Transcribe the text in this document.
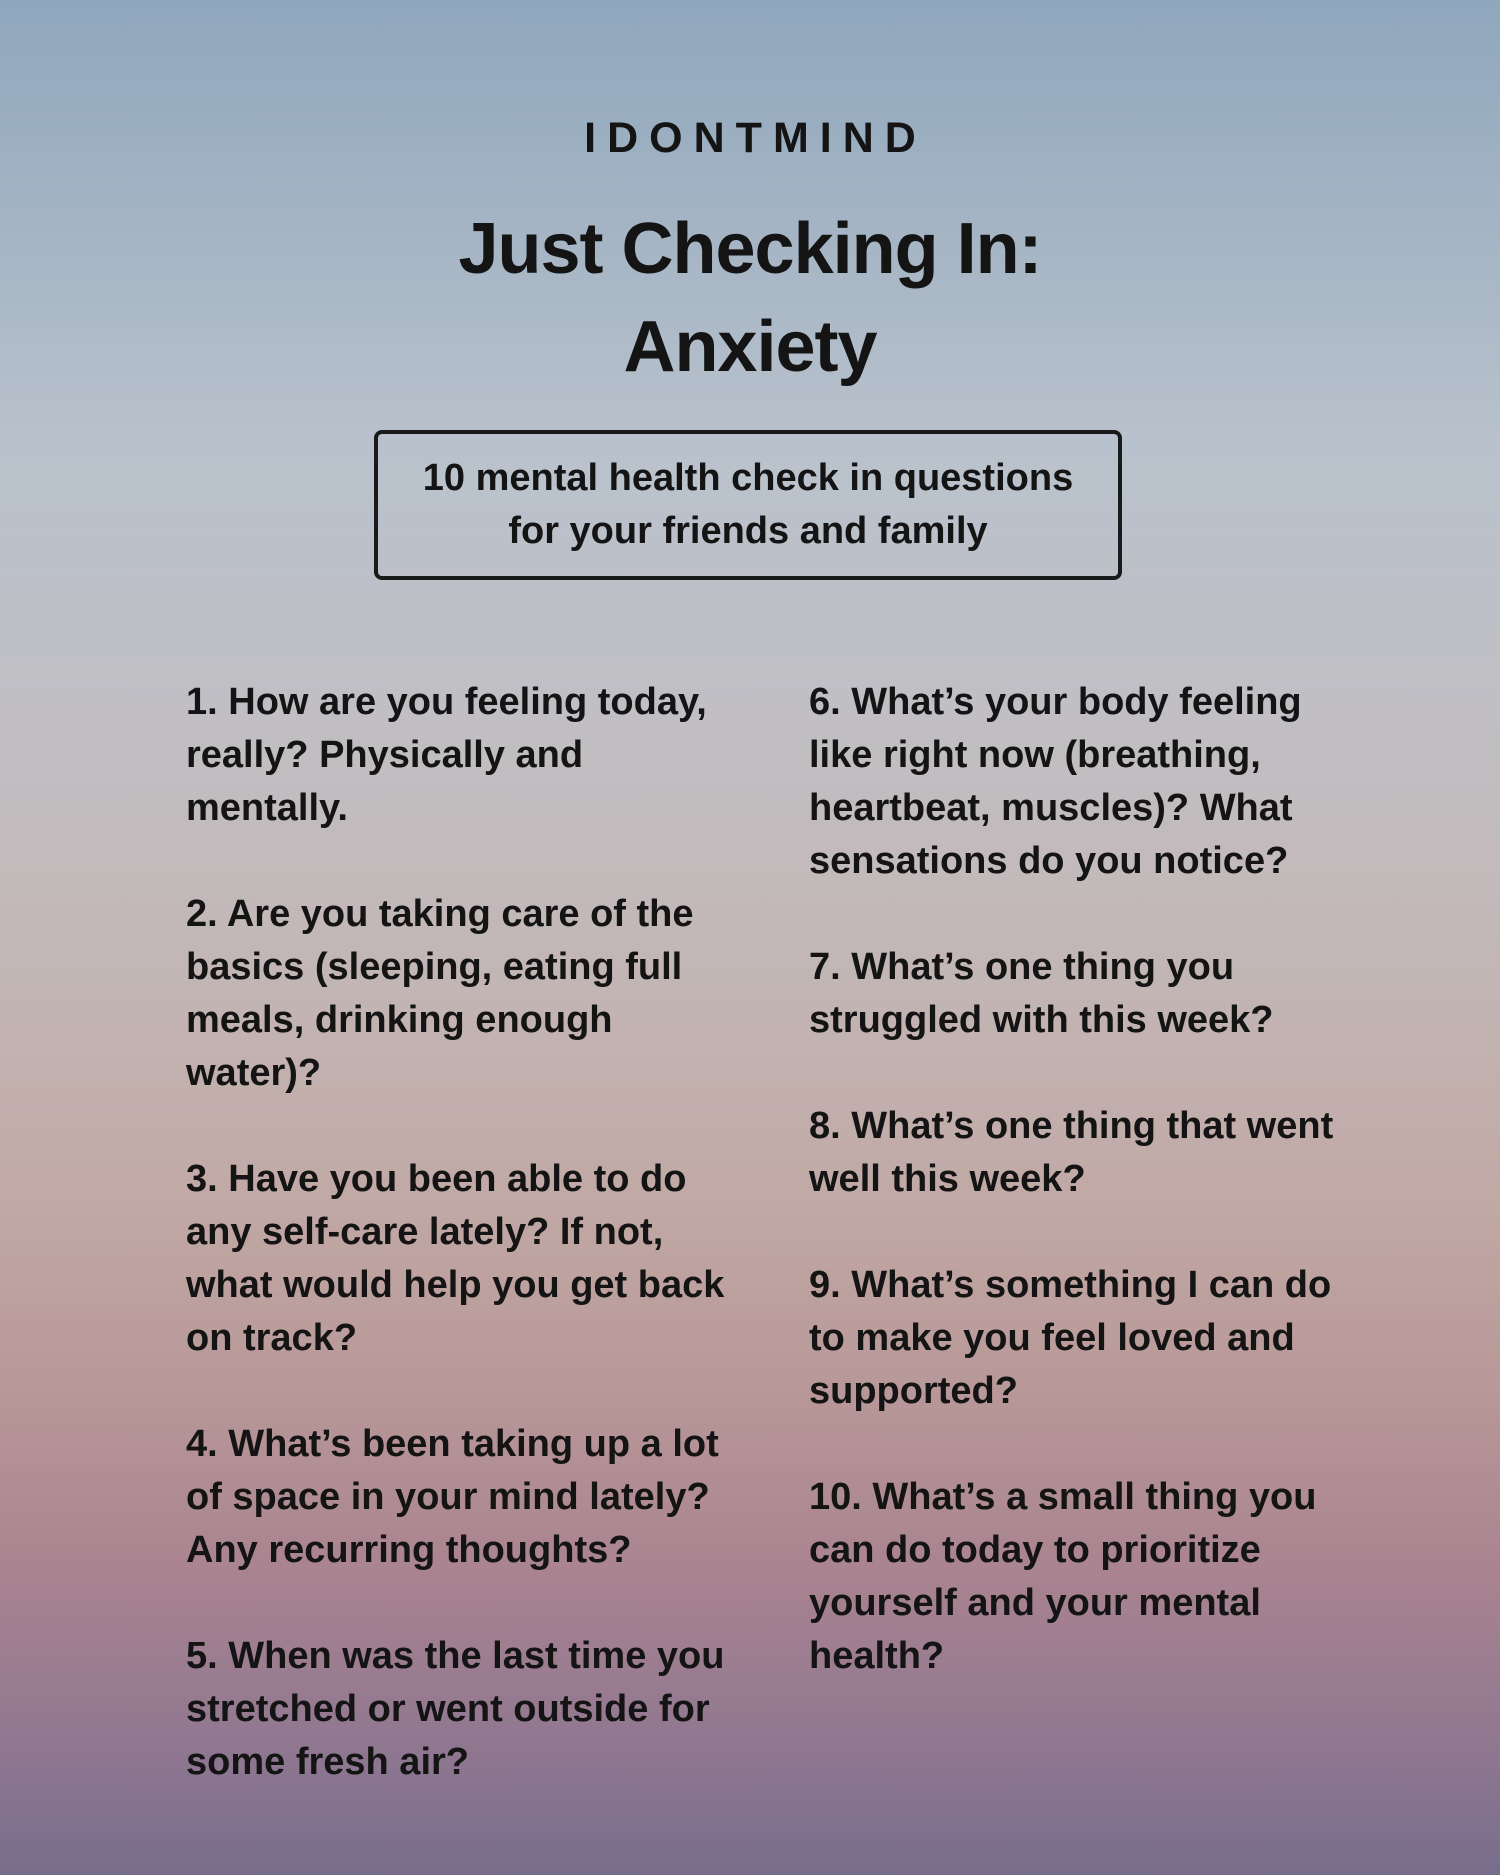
IDONTMIND
Just Checking In:
Anxiety
10 mental health check in questions
for your friends and family

1. How are you feeling today,
really? Physically and
mentally.

2. Are you taking care of the
basics (sleeping, eating full
meals, drinking enough
water)?

3. Have you been able to do
any self-care lately? If not,
what would help you get back
on track?

4. What’s been taking up a lot
of space in your mind lately?
Any recurring thoughts?

5. When was the last time you
stretched or went outside for
some fresh air?

6. What’s your body feeling
like right now (breathing,
heartbeat, muscles)? What
sensations do you notice?

7. What’s one thing you
struggled with this week?

8. What’s one thing that went
well this week?

9. What’s something I can do
to make you feel loved and
supported?

10. What’s a small thing you
can do today to prioritize
yourself and your mental
health?
